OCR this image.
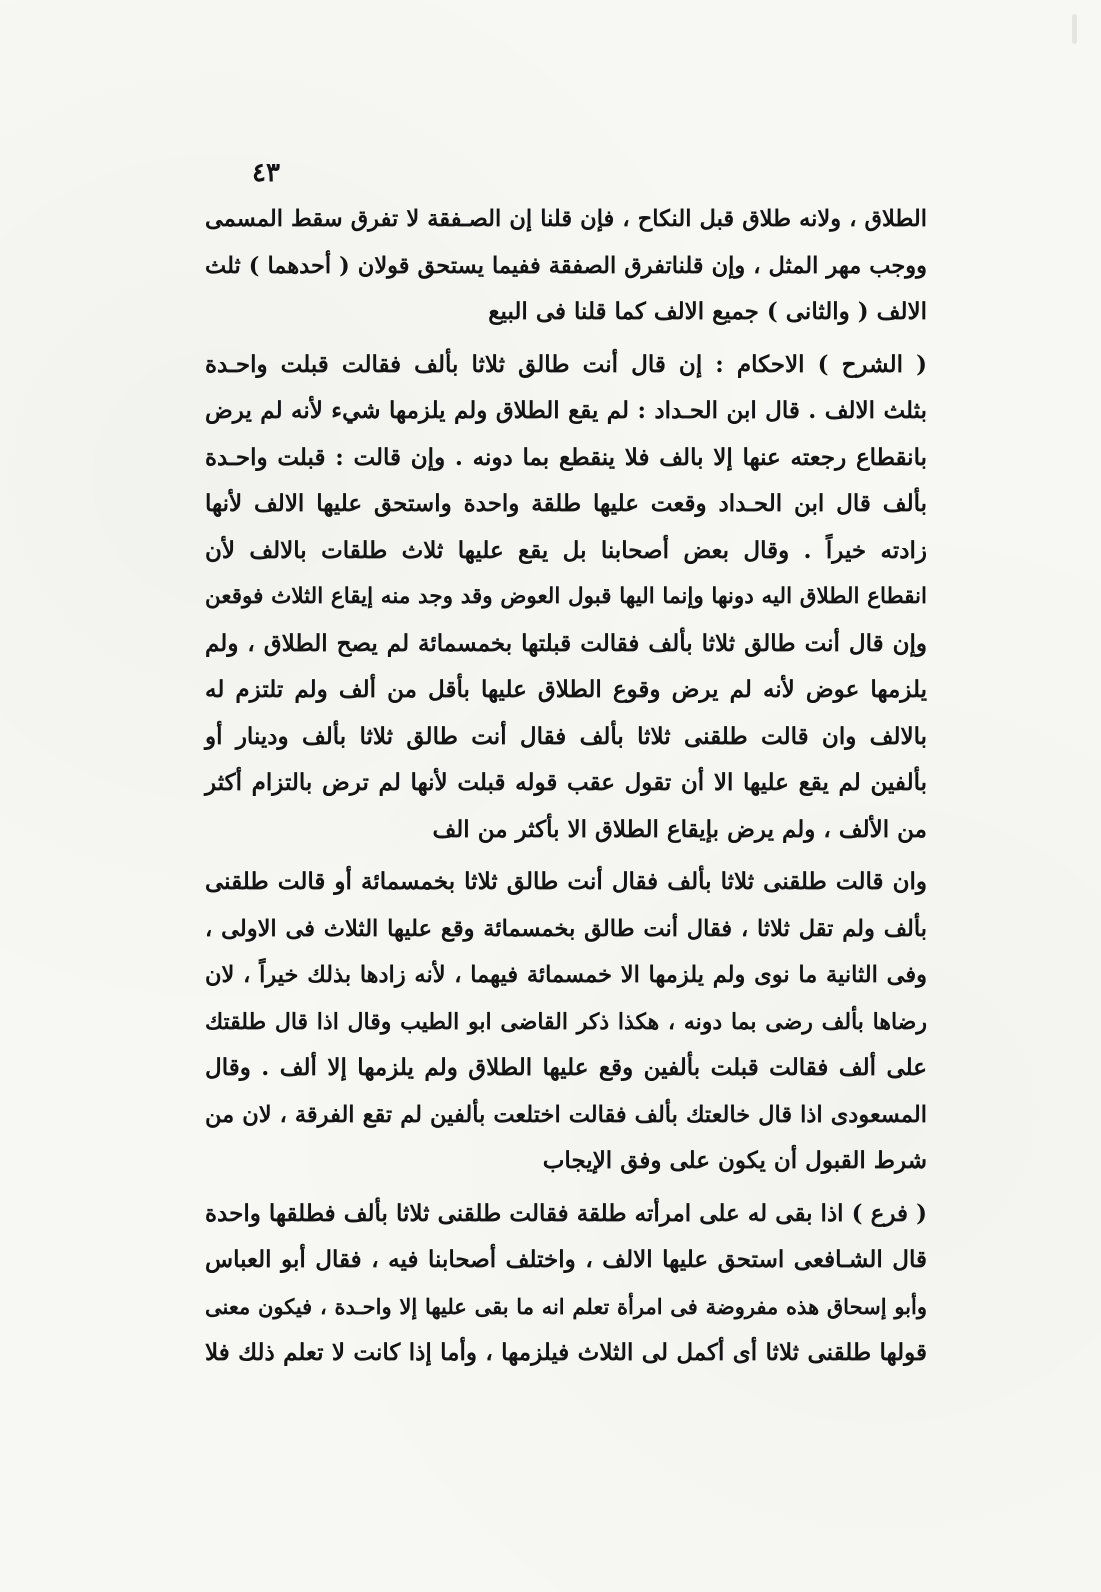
٤٣
الطلاق ، ولانه طلاق قبل النكاح ، فإن قلنا إن الصـفقة لا تفرق سقط المسمى
ووجب مهر المثل ، وإن قلناتفرق الصفقة ففيما يستحق قولان ( أحدهما ) ثلث
الالف ( والثانى ) جميع الالف كما قلنا فى البيع
( الشرح ) الاحكام : إن قال أنت طالق ثلاثا بألف فقالت قبلت واحـدة
بثلث الالف . قال ابن الحـداد : لم يقع الطلاق ولم يلزمها شيء لأنه لم يرض
بانقطاع رجعته عنها إلا بالف فلا ينقطع بما دونه . وإن قالت : قبلت واحـدة
بألف قال ابن الحـداد وقعت عليها طلقة واحدة واستحق عليها الالف لأنها
زادته خيراً . وقال بعض أصحابنا بل يقع عليها ثلاث طلقات بالالف لأن
انقطاع الطلاق اليه دونها وإنما اليها قبول العوض وقد وجد منه إيقاع الثلاث فوقعن
وإن قال أنت طالق ثلاثا بألف فقالت قبلتها بخمسمائة لم يصح الطلاق ، ولم
يلزمها عوض لأنه لم يرض وقوع الطلاق عليها بأقل من ألف ولم تلتزم له
بالالف وان قالت طلقنى ثلاثا بألف فقال أنت طالق ثلاثا بألف ودينار أو
بألفين لم يقع عليها الا أن تقول عقب قوله قبلت لأنها لم ترض بالتزام أكثر
من الألف ، ولم يرض بإيقاع الطلاق الا بأكثر من الف
وان قالت طلقنى ثلاثا بألف فقال أنت طالق ثلاثا بخمسمائة أو قالت طلقنى
بألف ولم تقل ثلاثا ، فقال أنت طالق بخمسمائة وقع عليها الثلاث فى الاولى ،
وفى الثانية ما نوى ولم يلزمها الا خمسمائة فيهما ، لأنه زادها بذلك خيراً ، لان
رضاها بألف رضى بما دونه ، هكذا ذكر القاضى ابو الطيب وقال اذا قال طلقتك
على ألف فقالت قبلت بألفين وقع عليها الطلاق ولم يلزمها إلا ألف . وقال
المسعودى اذا قال خالعتك بألف فقالت اختلعت بألفين لم تقع الفرقة ، لان من
شرط القبول أن يكون على وفق الإيجاب
( فرع ) اذا بقى له على امرأته طلقة فقالت طلقنى ثلاثا بألف فطلقها واحدة
قال الشـافعى استحق عليها الالف ، واختلف أصحابنا فيه ، فقال أبو العباس
وأبو إسحاق هذه مفروضة فى امرأة تعلم انه ما بقى عليها إلا واحـدة ، فيكون معنى
قولها طلقنى ثلاثا أى أكمل لى الثلاث فيلزمها ، وأما إذا كانت لا تعلم ذلك فلا
